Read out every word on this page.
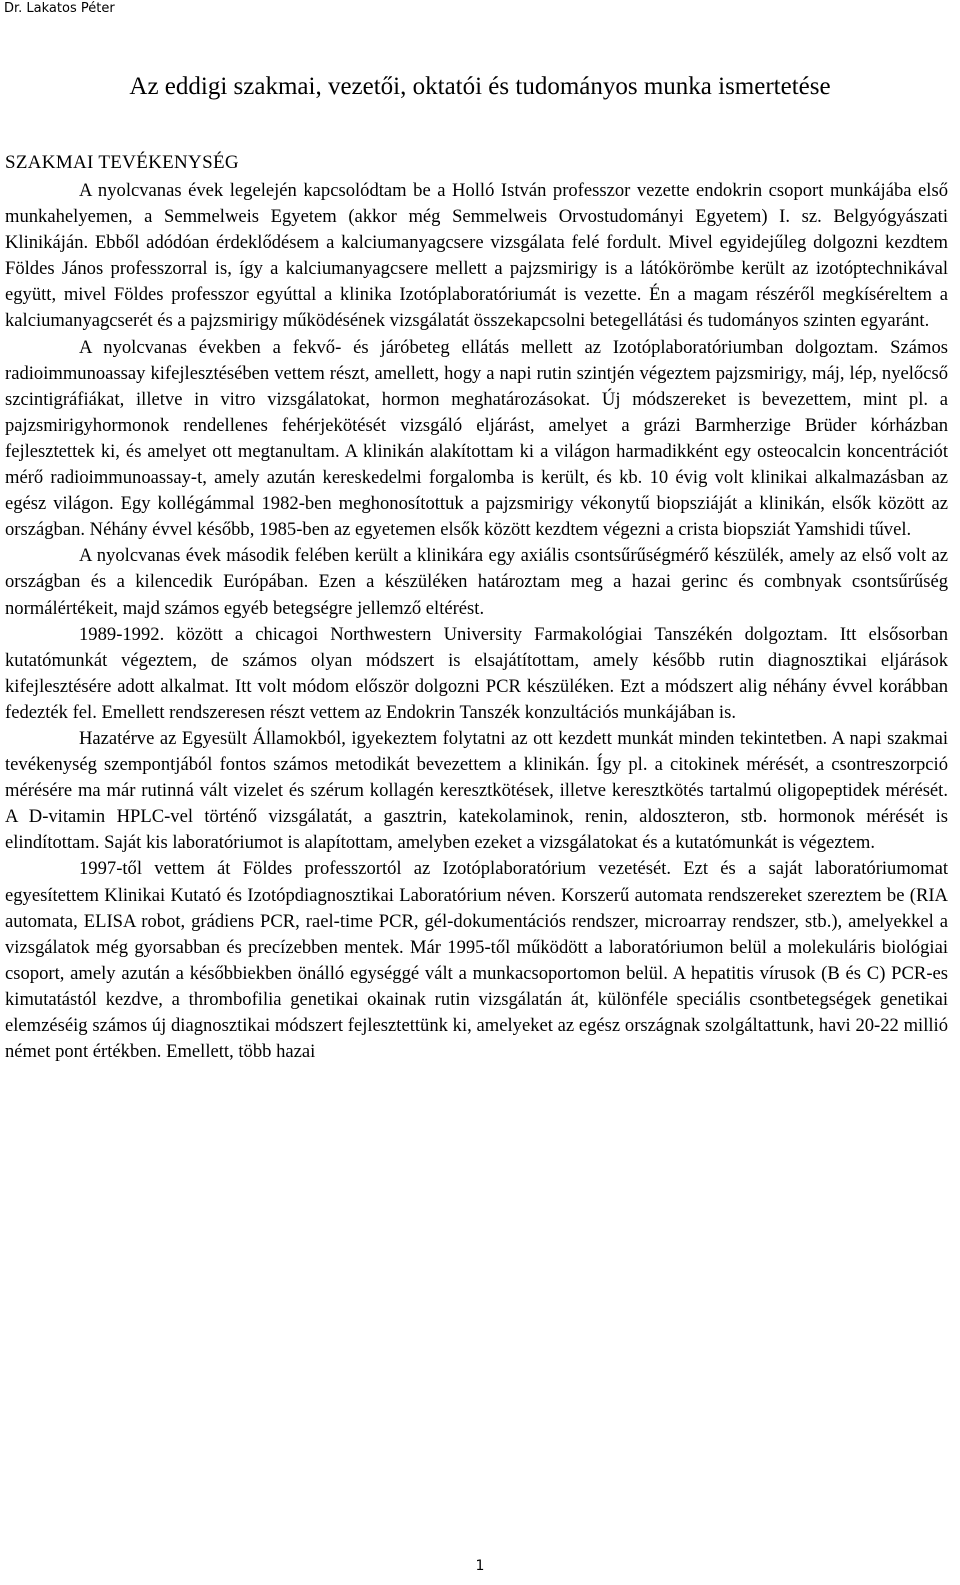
Dr. Lakatos Péter
Az eddigi szakmai, vezetői, oktatói és tudományos munka ismertetése
SZAKMAI TEVÉKENYSÉG

A nyolcvanas évek legelején kapcsolódtam be a Holló István professzor vezette endokrin csoport munkájába első munkahelyemen, a Semmelweis Egyetem (akkor még Semmelweis Orvostudományi Egyetem) I. sz. Belgyógyászati Klinikáján. Ebből adódóan érdeklődésem a kalciumanyagcsere vizsgálata felé fordult. Mivel egyidejűleg dolgozni kezdtem Földes János professzorral is, így a kalciumanyagcsere mellett a pajzsmirigy is a látókörömbe került az izotóptechnikával együtt, mivel Földes professzor egyúttal a klinika Izotóplaboratóriumát is vezette. Én a magam részéről megkíséreltem a kalciumanyagcserét és a pajzsmirigy működésének vizsgálatát összekapcsolni betegellátási és tudományos szinten egyaránt.

A nyolcvanas években a fekvő- és járóbeteg ellátás mellett az Izotóplaboratóriumban dolgoztam. Számos radioimmunoassay kifejlesztésében vettem részt, amellett, hogy a napi rutin szintjén végeztem pajzsmirigy, máj, lép, nyelőcső szcintigráfiákat, illetve in vitro vizsgálatokat, hormon meghatározásokat. Új módszereket is bevezettem, mint pl. a pajzsmirigyhormonok rendellenes fehérjekötését vizsgáló eljárást, amelyet a grázi Barmherzige Brüder kórházban fejlesztettek ki, és amelyet ott megtanultam. A klinikán alakítottam ki a világon harmadikként egy osteocalcin koncentrációt mérő radioimmunoassay-t, amely azután kereskedelmi forgalomba is került, és kb. 10 évig volt klinikai alkalmazásban az egész világon. Egy kollégámmal 1982-ben meghonosítottuk a pajzsmirigy vékonytű biopsziáját a klinikán, elsők között az országban. Néhány évvel később, 1985-ben az egyetemen elsők között kezdtem végezni a crista biopsziát Yamshidi tűvel.

A nyolcvanas évek második felében került a klinikára egy axiális csontsűrűségmérő készülék, amely az első volt az országban és a kilencedik Európában. Ezen a készüléken határoztam meg a hazai gerinc és combnyak csontsűrűség normálértékeit, majd számos egyéb betegségre jellemző eltérést.

1989-1992. között a chicagoi Northwestern University Farmakológiai Tanszékén dolgoztam. Itt elsősorban kutatómunkát végeztem, de számos olyan módszert is elsajátítottam, amely később rutin diagnosztikai eljárások kifejlesztésére adott alkalmat. Itt volt módom először dolgozni PCR készüléken. Ezt a módszert alig néhány évvel korábban fedezték fel. Emellett rendszeresen részt vettem az Endokrin Tanszék konzultációs munkájában is.

Hazatérve az Egyesült Államokból, igyekeztem folytatni az ott kezdett munkát minden tekintetben. A napi szakmai tevékenység szempontjából fontos számos metodikát bevezettem a klinikán. Így pl. a citokinek mérését, a csontreszorpció mérésére ma már rutinná vált vizelet és szérum kollagén keresztkötések, illetve keresztkötés tartalmú oligopeptidek mérését. A D-vitamin HPLC-vel történő vizsgálatát, a gasztrin, katekolaminok, renin, aldoszteron, stb. hormonok mérését is elindítottam. Saját kis laboratóriumot is alapítottam, amelyben ezeket a vizsgálatokat és a kutatómunkát is végeztem.

1997-től vettem át Földes professzortól az Izotóplaboratórium vezetését. Ezt és a saját laboratóriumomat egyesítettem Klinikai Kutató és Izotópdiagnosztikai Laboratórium néven. Korszerű automata rendszereket szereztem be (RIA automata, ELISA robot, grádiens PCR, rael-time PCR, gél-dokumentációs rendszer, microarray rendszer, stb.), amelyekkel a vizsgálatok még gyorsabban és precízebben mentek. Már 1995-től működött a laboratóriumon belül a molekuláris biológiai csoport, amely azután a későbbiekben önálló egységgé vált a munkacsoportomon belül. A hepatitis vírusok (B és C) PCR-es kimutatástól kezdve, a thrombofilia genetikai okainak rutin vizsgálatán át, különféle speciális csontbetegségek genetikai elemzéséig számos új diagnosztikai módszert fejlesztettünk ki, amelyeket az egész országnak szolgáltattunk, havi 20-22 millió német pont értékben. Emellett, több hazai

1
